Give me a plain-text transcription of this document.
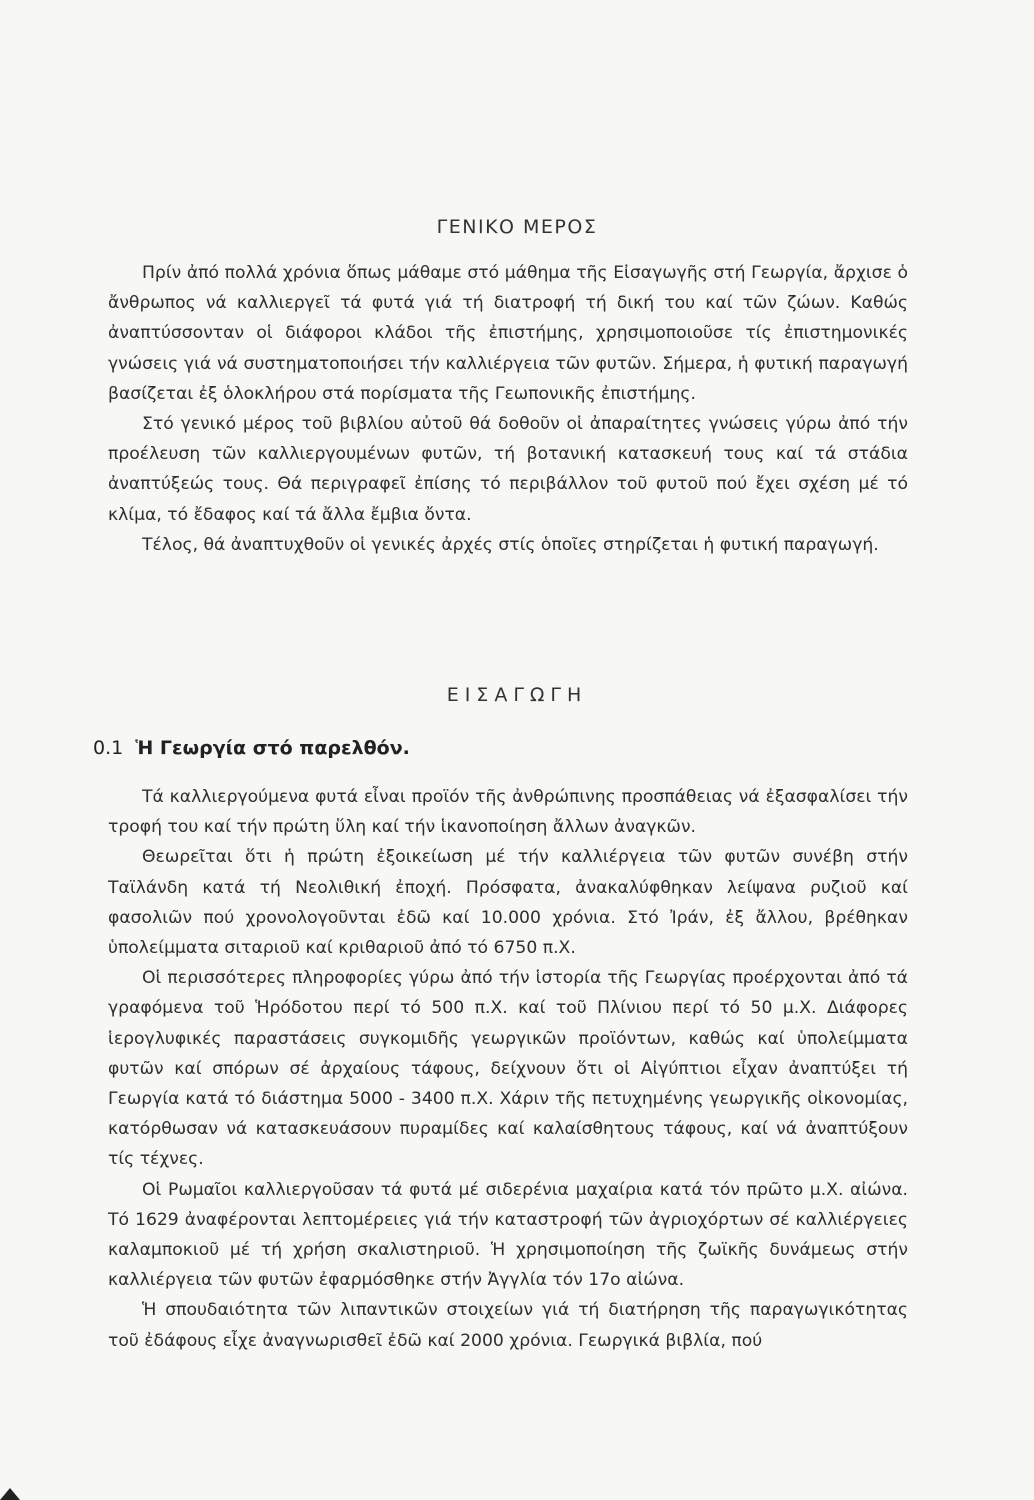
ΓΕΝΙΚΟ ΜΕΡΟΣ

Πρίν ἀπό πολλά χρόνια ὅπως μάθαμε στό μάθημα τῆς Εἰσαγωγῆς στή Γεωργία, ἄρχισε ὁ ἄνθρωπος νά καλλιεργεῖ τά φυτά γιά τή διατροφή τή δική του καί τῶν ζώων. Καθώς ἀναπτύσσονταν οἱ διάφοροι κλάδοι τῆς ἐπιστήμης, χρησιμοποιοῦσε τίς ἐπιστημονικές γνώσεις γιά νά συστηματοποιήσει τήν καλλιέργεια τῶν φυτῶν. Σήμερα, ἡ φυτική παραγωγή βασίζεται ἐξ ὁλοκλήρου στά πορίσματα τῆς Γεωπονικῆς ἐπιστήμης.

Στό γενικό μέρος τοῦ βιβλίου αὐτοῦ θά δοθοῦν οἱ ἀπαραίτητες γνώσεις γύρω ἀπό τήν προέλευση τῶν καλλιεργουμένων φυτῶν, τή βοτανική κατασκευή τους καί τά στάδια ἀναπτύξεώς τους. Θά περιγραφεῖ ἐπίσης τό περιβάλλον τοῦ φυτοῦ πού ἔχει σχέση μέ τό κλίμα, τό ἔδαφος καί τά ἄλλα ἔμβια ὄντα.

Τέλος, θά ἀναπτυχθοῦν οἱ γενικές ἀρχές στίς ὁποῖες στηρίζεται ἡ φυτική παραγωγή.

ΕΙΣΑΓΩΓΗ
0.1 Ἡ Γεωργία στό παρελθόν.

Τά καλλιεργούμενα φυτά εἶναι προϊόν τῆς ἀνθρώπινης προσπάθειας νά ἐξασφαλίσει τήν τροφή του καί τήν πρώτη ὕλη καί τήν ἱκανοποίηση ἄλλων ἀναγκῶν.

Θεωρεῖται ὅτι ἡ πρώτη ἐξοικείωση μέ τήν καλλιέργεια τῶν φυτῶν συνέβη στήν Ταϊλάνδη κατά τή Νεολιθική ἐποχή. Πρόσφατα, ἀνακαλύφθηκαν λείψανα ρυζιοῦ καί φασολιῶν πού χρονολογοῦνται ἐδῶ καί 10.000 χρόνια. Στό Ἰράν, ἐξ ἄλλου, βρέθηκαν ὑπολείμματα σιταριοῦ καί κριθαριοῦ ἀπό τό 6750 π.Χ.

Οἱ περισσότερες πληροφορίες γύρω ἀπό τήν ἱστορία τῆς Γεωργίας προέρχονται ἀπό τά γραφόμενα τοῦ Ἡρόδοτου περί τό 500 π.Χ. καί τοῦ Πλίνιου περί τό 50 μ.Χ. Διάφορες ἱερογλυφικές παραστάσεις συγκομιδῆς γεωργικῶν προϊόντων, καθώς καί ὑπολείμματα φυτῶν καί σπόρων σέ ἀρχαίους τάφους, δείχνουν ὅτι οἱ Αἰγύπτιοι εἶχαν ἀναπτύξει τή Γεωργία κατά τό διάστημα 5000 - 3400 π.Χ. Χάριν τῆς πετυχημένης γεωργικῆς οἰκονομίας, κατόρθωσαν νά κατασκευάσουν πυραμίδες καί καλαίσθητους τάφους, καί νά ἀναπτύξουν τίς τέχνες.

Οἱ Ρωμαῖοι καλλιεργοῦσαν τά φυτά μέ σιδερένια μαχαίρια κατά τόν πρῶτο μ.Χ. αἰώνα. Τό 1629 ἀναφέρονται λεπτομέρειες γιά τήν καταστροφή τῶν ἀγριοχόρτων σέ καλλιέργειες καλαμποκιοῦ μέ τή χρήση σκαλιστηριοῦ. Ἡ χρησιμοποίηση τῆς ζωϊκῆς δυνάμεως στήν καλλιέργεια τῶν φυτῶν ἐφαρμόσθηκε στήν Ἀγγλία τόν 17ο αἰώνα.

Ἡ σπουδαιότητα τῶν λιπαντικῶν στοιχείων γιά τή διατήρηση τῆς παραγωγικότητας τοῦ ἐδάφους εἶχε ἀναγνωρισθεῖ ἐδῶ καί 2000 χρόνια. Γεωργικά βιβλία, πού
